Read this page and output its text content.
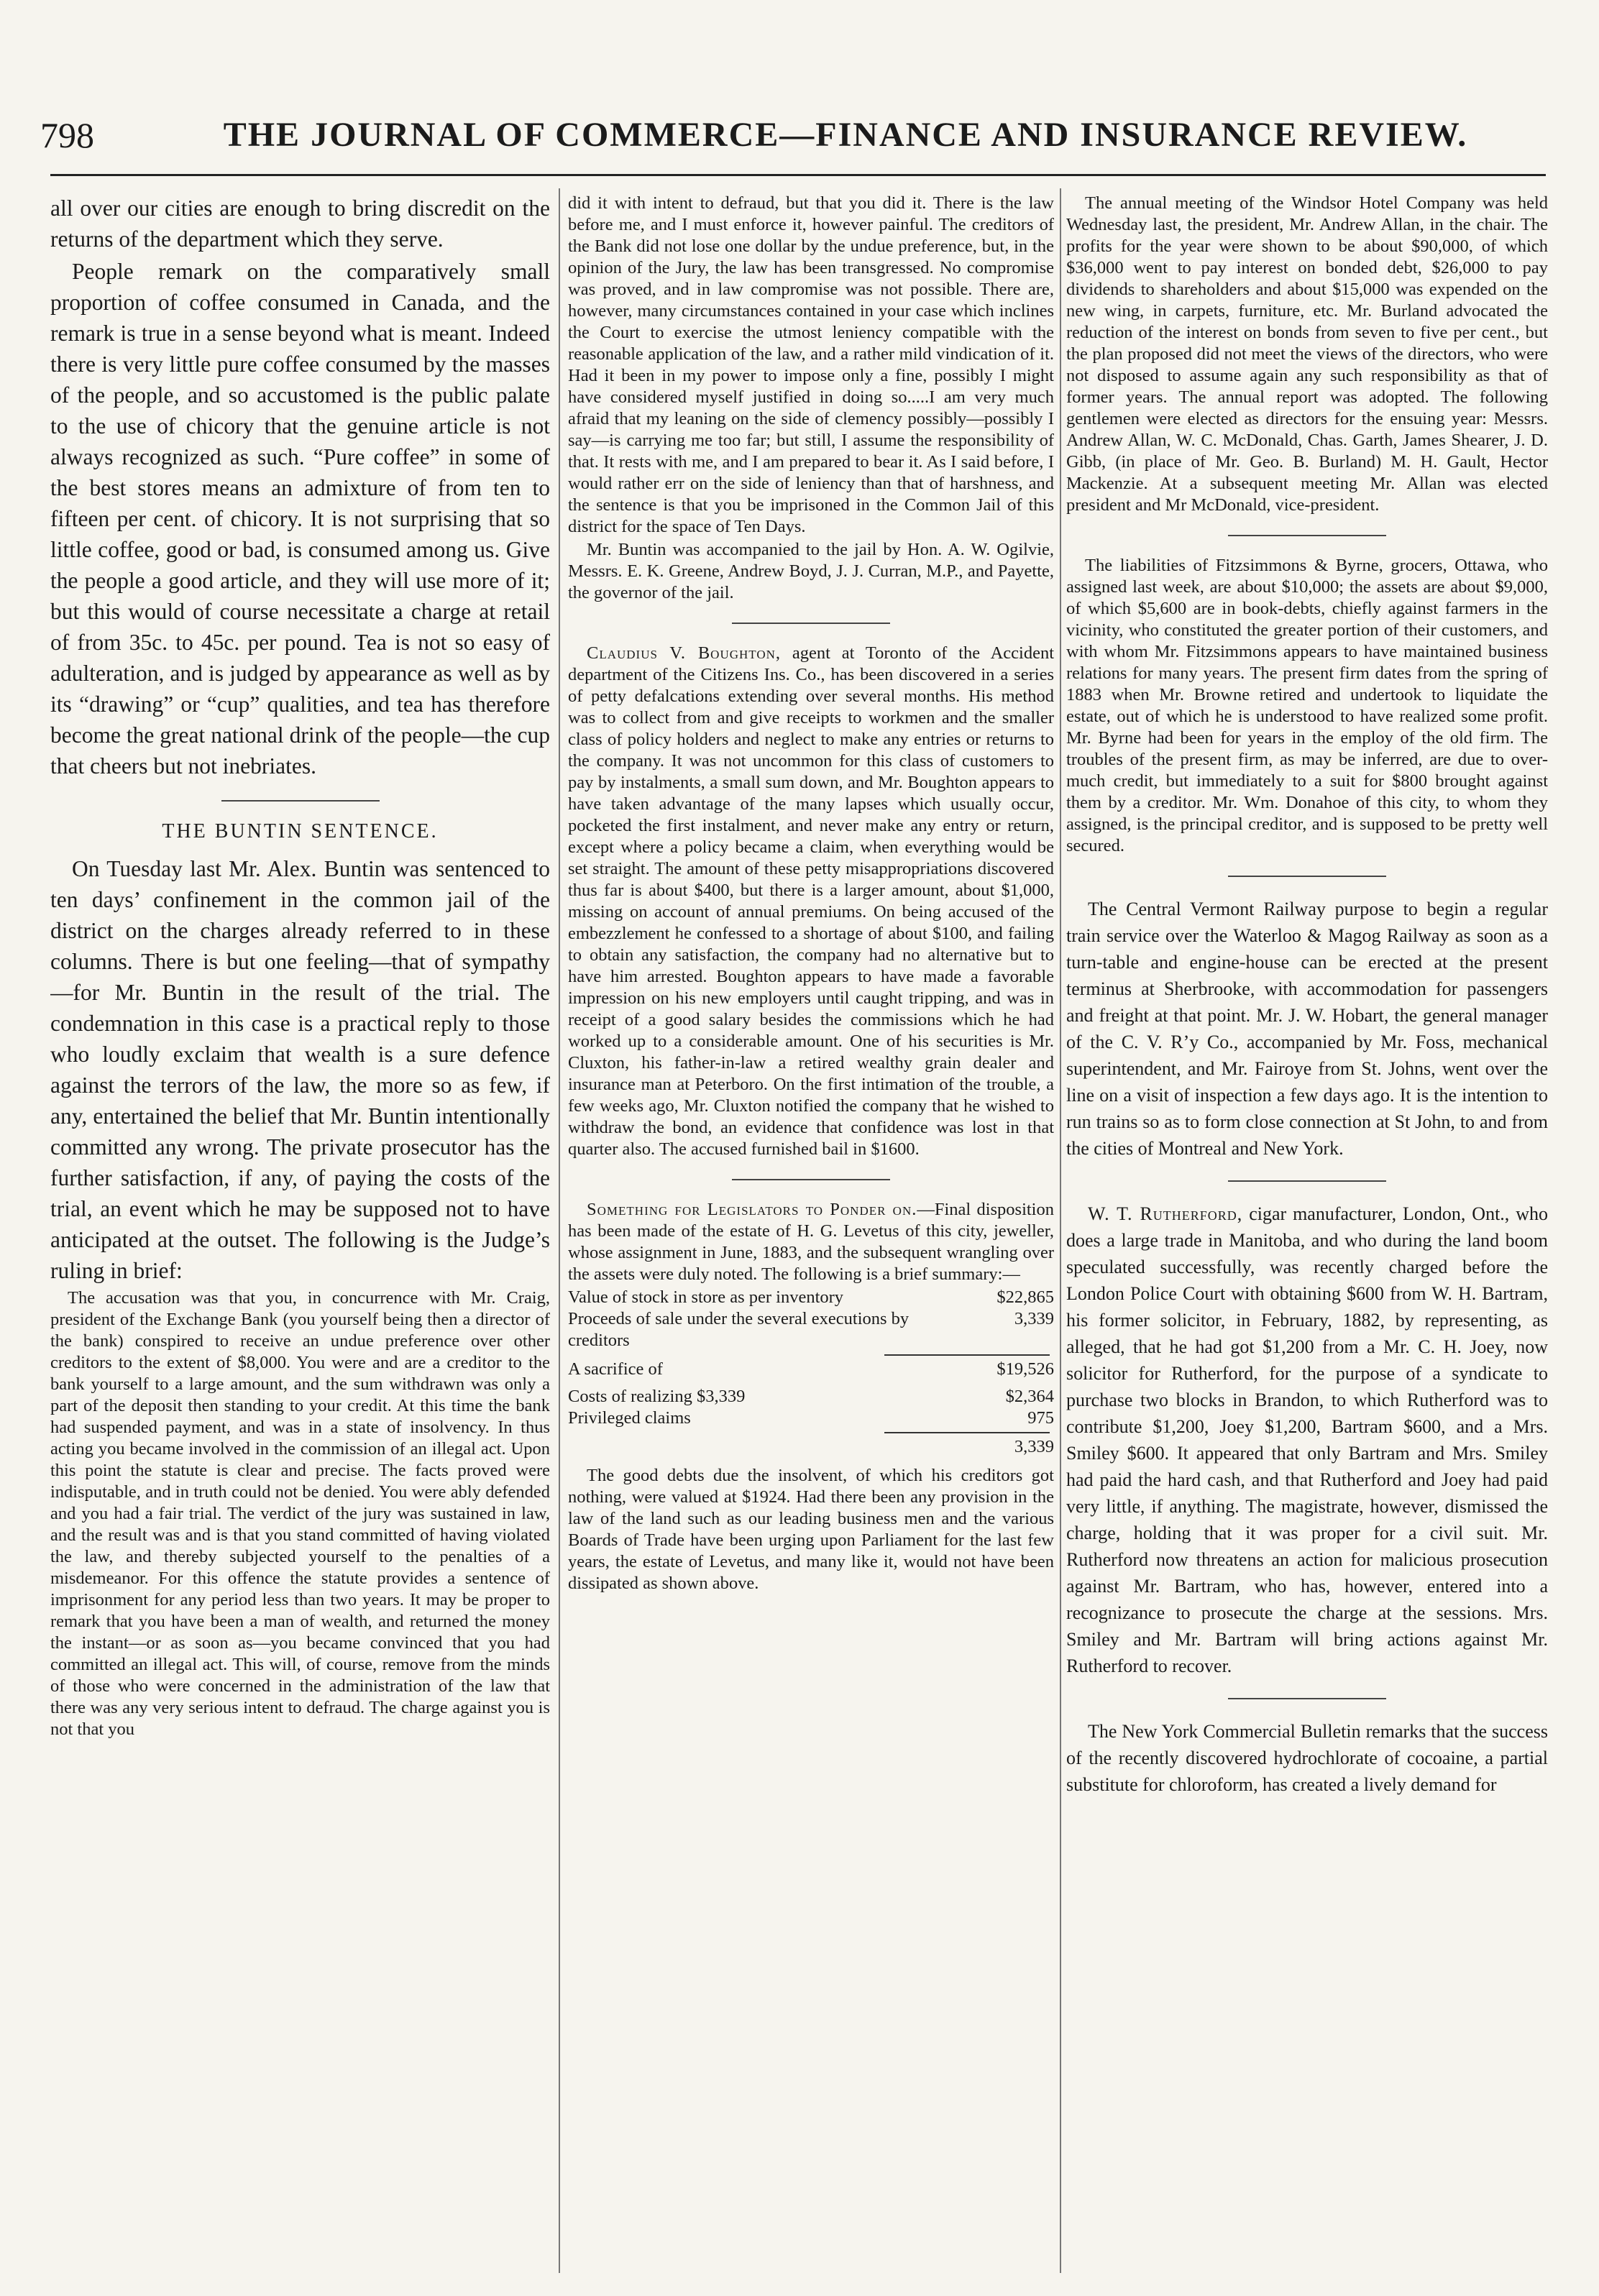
798	THE JOURNAL OF COMMERCE—FINANCE AND INSURANCE REVIEW.

all over our cities are enough to bring discredit on the returns of the department which they serve.

People remark on the comparatively small proportion of coffee consumed in Canada, and the remark is true in a sense beyond what is meant. Indeed there is very little pure coffee consumed by the masses of the people, and so accustomed is the public palate to the use of chicory that the genuine article is not always recognized as such. “Pure coffee” in some of the best stores means an admixture of from ten to fifteen per cent. of chicory. It is not surprising that so little coffee, good or bad, is consumed among us. Give the people a good article, and they will use more of it; but this would of course necessitate a charge at retail of from 35c. to 45c. per pound. Tea is not so easy of adulteration, and is judged by appearance as well as by its “drawing” or “cup” qualities, and tea has therefore become the great national drink of the people—the cup that cheers but not inebriates.

THE BUNTIN SENTENCE.

On Tuesday last Mr. Alex. Buntin was sentenced to ten days’ confinement in the common jail of the district on the charges already referred to in these columns. There is but one feeling—that of sympathy—for Mr. Buntin in the result of the trial. The condemnation in this case is a practical reply to those who loudly exclaim that wealth is a sure defence against the terrors of the law, the more so as few, if any, entertained the belief that Mr. Buntin intentionally committed any wrong. The private prosecutor has the further satisfaction, if any, of paying the costs of the trial, an event which he may be supposed not to have anticipated at the outset. The following is the Judge’s ruling in brief:

The accusation was that you, in concurrence with Mr. Craig, president of the Exchange Bank (you yourself being then a director of the bank) conspired to receive an undue preference over other creditors to the extent of $8,000. You were and are a creditor to the bank yourself to a large amount, and the sum withdrawn was only a part of the deposit then standing to your credit. At this time the bank had suspended payment, and was in a state of insolvency. In thus acting you became involved in the commission of an illegal act. Upon this point the statute is clear and precise. The facts proved were indisputable, and in truth could not be denied. You were ably defended and you had a fair trial. The verdict of the jury was sustained in law, and the result was and is that you stand committed of having violated the law, and thereby subjected yourself to the penalties of a misdemeanor. For this offence the statute provides a sentence of imprisonment for any period less than two years. It may be proper to remark that you have been a man of wealth, and returned the money the instant—or as soon as—you became convinced that you had committed an illegal act. This will, of course, remove from the minds of those who were concerned in the administration of the law that there was any very serious intent to defraud. The charge against you is not that you

did it with intent to defraud, but that you did it. There is the law before me, and I must enforce it, however painful. The creditors of the Bank did not lose one dollar by the undue preference, but, in the opinion of the Jury, the law has been transgressed. No compromise was proved, and in law compromise was not possible. There are, however, many circumstances contained in your case which inclines the Court to exercise the utmost leniency compatible with the reasonable application of the law, and a rather mild vindication of it. Had it been in my power to impose only a fine, possibly I might have considered myself justified in doing so.....I am very much afraid that my leaning on the side of clemency possibly—possibly I say—is carrying me too far; but still, I assume the responsibility of that. It rests with me, and I am prepared to bear it. As I said before, I would rather err on the side of leniency than that of harshness, and the sentence is that you be imprisoned in the Common Jail of this district for the space of Ten Days.

Mr. Buntin was accompanied to the jail by Hon. A. W. Ogilvie, Messrs. E. K. Greene, Andrew Boyd, J. J. Curran, M.P., and Payette, the governor of the jail.

Claudius V. Boughton, agent at Toronto of the Accident department of the Citizens Ins. Co., has been discovered in a series of petty defalcations extending over several months. His method was to collect from and give receipts to workmen and the smaller class of policy holders and neglect to make any entries or returns to the company. It was not uncommon for this class of customers to pay by instalments, a small sum down, and Mr. Boughton appears to have taken advantage of the many lapses which usually occur, pocketed the first instalment, and never make any entry or return, except where a policy became a claim, when everything would be set straight. The amount of these petty misappropriations discovered thus far is about $400, but there is a larger amount, about $1,000, missing on account of annual premiums. On being accused of the embezzlement he confessed to a shortage of about $100, and failing to obtain any satisfaction, the company had no alternative but to have him arrested. Boughton appears to have made a favorable impression on his new employers until caught tripping, and was in receipt of a good salary besides the commissions which he had worked up to a considerable amount. One of his securities is Mr. Cluxton, his father-in-law a retired wealthy grain dealer and insurance man at Peterboro. On the first intimation of the trouble, a few weeks ago, Mr. Cluxton notified the company that he wished to withdraw the bond, an evidence that confidence was lost in that quarter also. The accused furnished bail in $1600.

Something for Legislators to Ponder on.—Final disposition has been made of the estate of H. G. Levetus of this city, jeweller, whose assignment in June, 1883, and the subsequent wrangling over the assets were duly noted. The following is a brief summary:—

Value of stock in store as per inventory	$22,865
Proceeds of sale under the several executions by creditors
3,339
A sacrifice of	$19,526
Costs of realizing $3,339	$2,364
Privileged claims	975
3,339

The good debts due the insolvent, of which his creditors got nothing, were valued at $1924. Had there been any provision in the law of the land such as our leading business men and the various Boards of Trade have been urging upon Parliament for the last few years, the estate of Levetus, and many like it, would not have been dissipated as shown above.

The annual meeting of the Windsor Hotel Company was held Wednesday last, the president, Mr. Andrew Allan, in the chair. The profits for the year were shown to be about $90,000, of which $36,000 went to pay interest on bonded debt, $26,000 to pay dividends to shareholders and about $15,000 was expended on the new wing, in carpets, furniture, etc. Mr. Burland advocated the reduction of the interest on bonds from seven to five per cent., but the plan proposed did not meet the views of the directors, who were not disposed to assume again any such responsibility as that of former years. The annual report was adopted. The following gentlemen were elected as directors for the ensuing year: Messrs. Andrew Allan, W. C. McDonald, Chas. Garth, James Shearer, J. D. Gibb, (in place of Mr. Geo. B. Burland) M. H. Gault, Hector Mackenzie. At a subsequent meeting Mr. Allan was elected president and Mr McDonald, vice-president.

The liabilities of Fitzsimmons & Byrne, grocers, Ottawa, who assigned last week, are about $10,000; the assets are about $9,000, of which $5,600 are in book-debts, chiefly against farmers in the vicinity, who constituted the greater portion of their customers, and with whom Mr. Fitzsimmons appears to have maintained business relations for many years. The present firm dates from the spring of 1883 when Mr. Browne retired and undertook to liquidate the estate, out of which he is understood to have realized some profit. Mr. Byrne had been for years in the employ of the old firm. The troubles of the present firm, as may be inferred, are due to over-much credit, but immediately to a suit for $800 brought against them by a creditor. Mr. Wm. Donahoe of this city, to whom they assigned, is the principal creditor, and is supposed to be pretty well secured.

The Central Vermont Railway purpose to begin a regular train service over the Waterloo & Magog Railway as soon as a turn-table and engine-house can be erected at the present terminus at Sherbrooke, with accommodation for passengers and freight at that point. Mr. J. W. Hobart, the general manager of the C. V. R’y Co., accompanied by Mr. Foss, mechanical superintendent, and Mr. Fairoye from St. Johns, went over the line on a visit of inspection a few days ago. It is the intention to run trains so as to form close connection at St John, to and from the cities of Montreal and New York.

W. T. Rutherford, cigar manufacturer, London, Ont., who does a large trade in Manitoba, and who during the land boom speculated successfully, was recently charged before the London Police Court with obtaining $600 from W. H. Bartram, his former solicitor, in February, 1882, by representing, as alleged, that he had got $1,200 from a Mr. C. H. Joey, now solicitor for Rutherford, for the purpose of a syndicate to purchase two blocks in Brandon, to which Rutherford was to contribute $1,200, Joey $1,200, Bartram $600, and a Mrs. Smiley $600. It appeared that only Bartram and Mrs. Smiley had paid the hard cash, and that Rutherford and Joey had paid very little, if anything. The magistrate, however, dismissed the charge, holding that it was proper for a civil suit. Mr. Rutherford now threatens an action for malicious prosecution against Mr. Bartram, who has, however, entered into a recognizance to prosecute the charge at the sessions. Mrs. Smiley and Mr. Bartram will bring actions against Mr. Rutherford to recover.

The New York Commercial Bulletin remarks that the success of the recently discovered hydrochlorate of cocoaine, a partial substitute for chloroform, has created a lively demand for
